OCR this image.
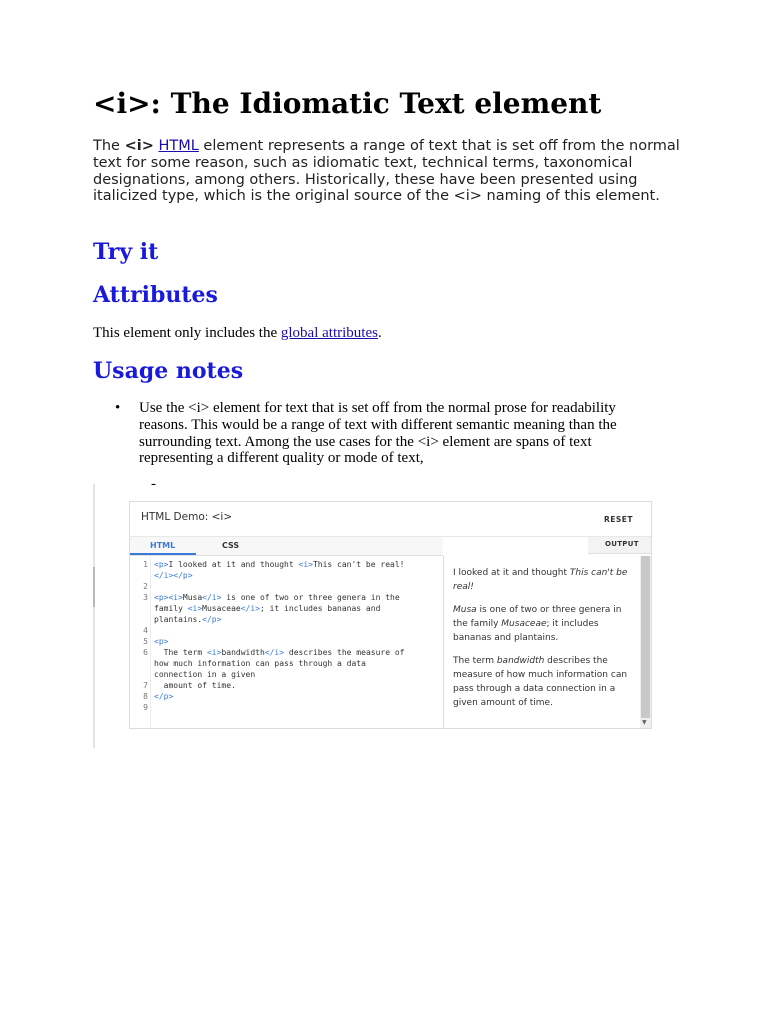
<i>: The Idiomatic Text element

The <i> HTML element represents a range of text that is set off from the normal text for some reason, such as idiomatic text, technical terms, taxonomical designations, among others. Historically, these have been presented using italicized type, which is the original source of the <i> naming of this element.

Try it
Attributes

This element only includes the global attributes.

Usage notes
• Use the <i> element for text that is set off from the normal prose for readability reasons. This would be a range of text with different semantic meaning than the surrounding text. Among the use cases for the <i> element are spans of text representing a different quality or mode of text,
-
HTML Demo: <i>	RESET
HTML	CSS	OUTPUT
1 <p>I looked at it and thought <i>This can't be real!
</i></p>
2
3 <p><i>Musa</i> is one of two or three genera in the
family <i>Musaceae</i>; it includes bananas and
plantains.</p>
4
5 <p>
6 The term <i>bandwidth</i> describes the measure of
how much information can pass through a data
connection in a given
7 amount of time.
8 </p>
9

I looked at it and thought This can't be real!

Musa is one of two or three genera in the family Musaceae; it includes bananas and plantains.

The term bandwidth describes the measure of how much information can pass through a data connection in a given amount of time.

▼
